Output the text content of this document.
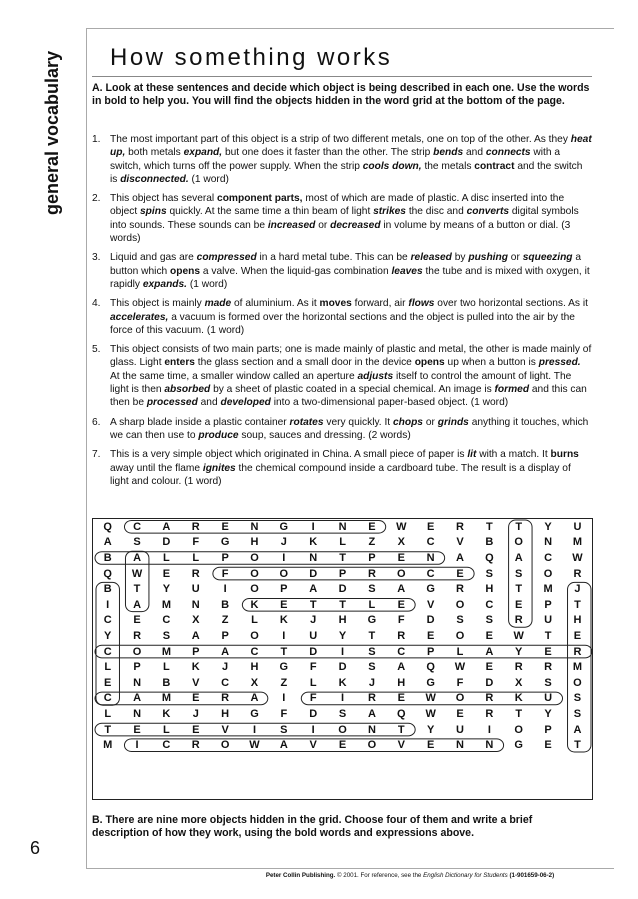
general vocabulary
6
How something works

A. Look at these sentences and decide which object is being described in each one. Use the words in bold to help you. You will find the objects hidden in the word grid at the bottom of the page.

1. The most important part of this object is a strip of two different metals, one on top of the other. As they heat up, both metals expand, but one does it faster than the other. The strip bends and connects with a switch, which turns off the power supply. When the strip cools down, the metals contract and the switch is disconnected. (1 word)
2. This object has several component parts, most of which are made of plastic. A disc inserted into the object spins quickly. At the same time a thin beam of light strikes the disc and converts digital symbols into sounds. These sounds can be increased or decreased in volume by means of a button or dial. (3 words)
3. Liquid and gas are compressed in a hard metal tube. This can be released by pushing or squeezing a button which opens a valve. When the liquid-gas combination leaves the tube and is mixed with oxygen, it rapidly expands. (1 word)
4. This object is mainly made of aluminium. As it moves forward, air flows over two horizontal sections. As it accelerates, a vacuum is formed over the horizontal sections and the object is pulled into the air by the force of this vacuum. (1 word)
5. This object consists of two main parts; one is made mainly of plastic and metal, the other is made mainly of glass. Light enters the glass section and a small door in the device opens up when a button is pressed. At the same time, a smaller window called an aperture adjusts itself to control the amount of light. The light is then absorbed by a sheet of plastic coated in a special chemical. An image is formed and this can then be processed and developed into a two-dimensional paper-based object. (1 word)
6. A sharp blade inside a plastic container rotates very quickly. It chops or grinds anything it touches, which we can then use to produce soup, sauces and dressing. (2 words)
7. This is a very simple object which originated in China. A small piece of paper is lit with a match. It burns away until the flame ignites the chemical compound inside a cardboard tube. The result is a display of light and colour. (1 word)
Q	C	A	R	E	N	G	I	N	E	W	E	R	T	T	Y	U
A	S	D	F	G	H	J	K	L	Z	X	C	V	B	O	N	M
B	A	L	L	P	O	I	N	T	P	E	N	A	Q	A	C	W
Q	W	E	R	F	O	O	D	P	R	O	C	E	S	S	O	R
B	T	Y	U	I	O	P	A	D	S	A	G	R	H	T	M	J
I	A	M	N	B	K	E	T	T	L	E	V	O	C	E	P	T
C	E	C	X	Z	L	K	J	H	G	F	D	S	S	R	U	H
Y	R	S	A	P	O	I	U	Y	T	R	E	O	E	W	T	E
C	O	M	P	A	C	T	D	I	S	C	P	L	A	Y	E	R
L	P	L	K	J	H	G	F	D	S	A	Q	W	E	R	R	M
E	N	B	V	C	X	Z	L	K	J	H	G	F	D	X	S	O
C	A	M	E	R	A	I	F	I	R	E	W	O	R	K	U	S
L	N	K	J	H	G	F	D	S	A	Q	W	E	R	T	Y	S
T	E	L	E	V	I	S	I	O	N	T	Y	U	I	O	P	A
M	I	C	R	O	W	A	V	E	O	V	E	N	N	G	E	T

B. There are nine more objects hidden in the grid. Choose four of them and write a brief description of how they work, using the bold words and expressions above.

Peter Collin Publishing. © 2001. For reference, see the English Dictionary for Students (1-901659-06-2)
